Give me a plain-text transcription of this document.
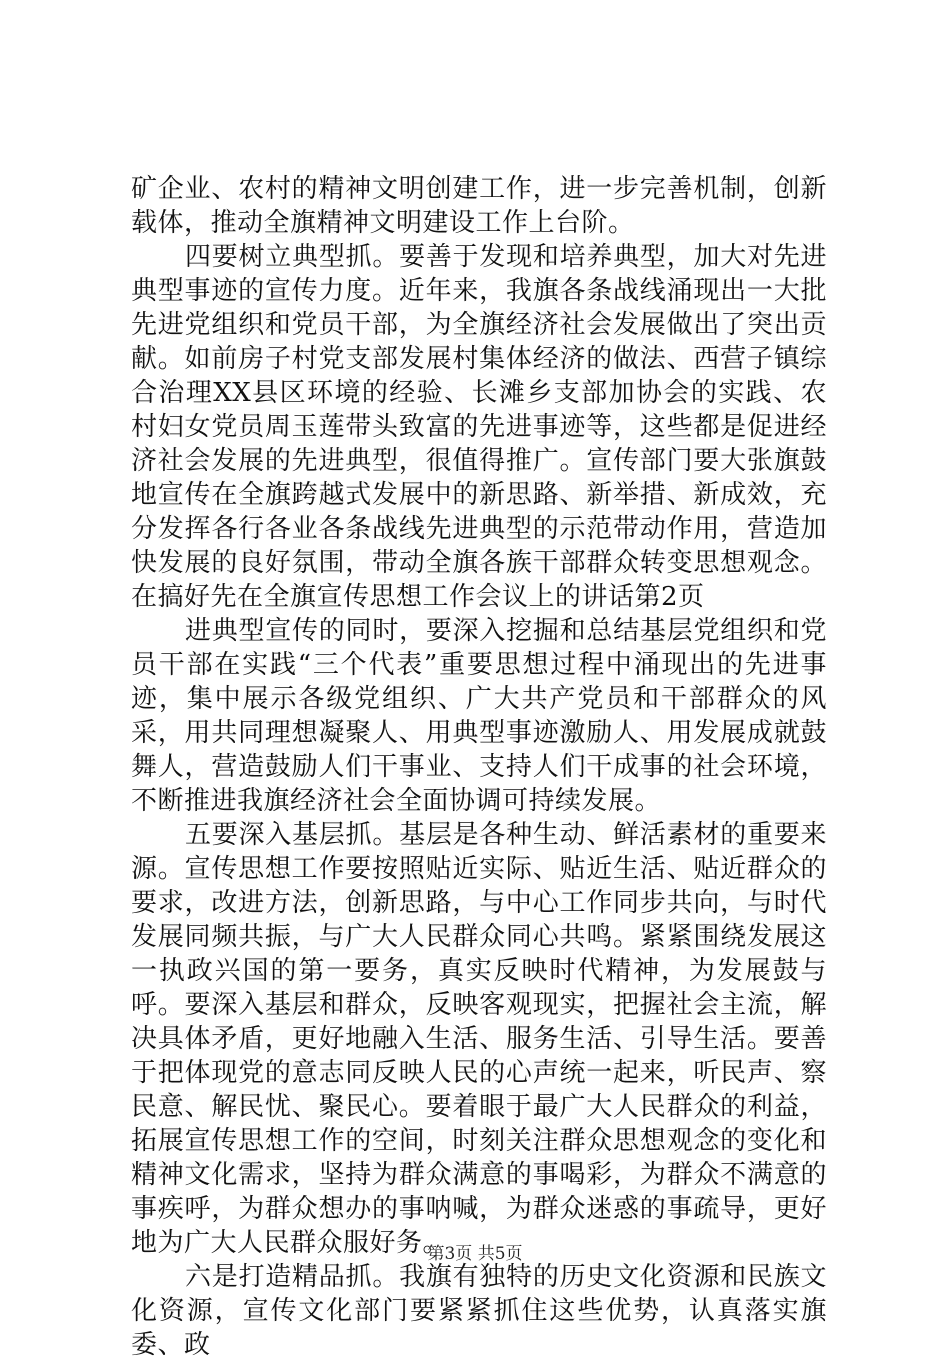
矿企业、农村的精神文明创建工作，进一步完善机制，创新载体，推动全旗精神文明建设工作上台阶。

四要树立典型抓。要善于发现和培养典型，加大对先进典型事迹的宣传力度。近年来，我旗各条战线涌现出一大批先进党组织和党员干部，为全旗经济社会发展做出了突出贡献。如前房子村党支部发展村集体经济的做法、西营子镇综合治理XX县区环境的经验、长滩乡支部加协会的实践、农村妇女党员周玉莲带头致富的先进事迹等，这些都是促进经济社会发展的先进典型，很值得推广。宣传部门要大张旗鼓地宣传在全旗跨越式发展中的新思路、新举措、新成效，充分发挥各行各业各条战线先进典型的示范带动作用，营造加快发展的良好氛围，带动全旗各族干部群众转变思想观念。在搞好先在全旗宣传思想工作会议上的讲话第2页

进典型宣传的同时，要深入挖掘和总结基层党组织和党员干部在实践“三个代表”重要思想过程中涌现出的先进事迹，集中展示各级党组织、广大共产党员和干部群众的风采，用共同理想凝聚人、用典型事迹激励人、用发展成就鼓舞人，营造鼓励人们干事业、支持人们干成事的社会环境，不断推进我旗经济社会全面协调可持续发展。

五要深入基层抓。基层是各种生动、鲜活素材的重要来源。宣传思想工作要按照贴近实际、贴近生活、贴近群众的要求，改进方法，创新思路，与中心工作同步共向，与时代发展同频共振，与广大人民群众同心共鸣。紧紧围绕发展这一执政兴国的第一要务，真实反映时代精神，为发展鼓与呼。要深入基层和群众，反映客观现实，把握社会主流，解决具体矛盾，更好地融入生活、服务生活、引导生活。要善于把体现党的意志同反映人民的心声统一起来，听民声、察民意、解民忧、聚民心。要着眼于最广大人民群众的利益，拓展宣传思想工作的空间，时刻关注群众思想观念的变化和精神文化需求，坚持为群众满意的事喝彩，为群众不满意的事疾呼，为群众想办的事呐喊，为群众迷惑的事疏导，更好地为广大人民群众服好务。

六是打造精品抓。我旗有独特的历史文化资源和民族文化资源，宣传文化部门要紧紧抓住这些优势，认真落实旗委、政

第3页 共5页
